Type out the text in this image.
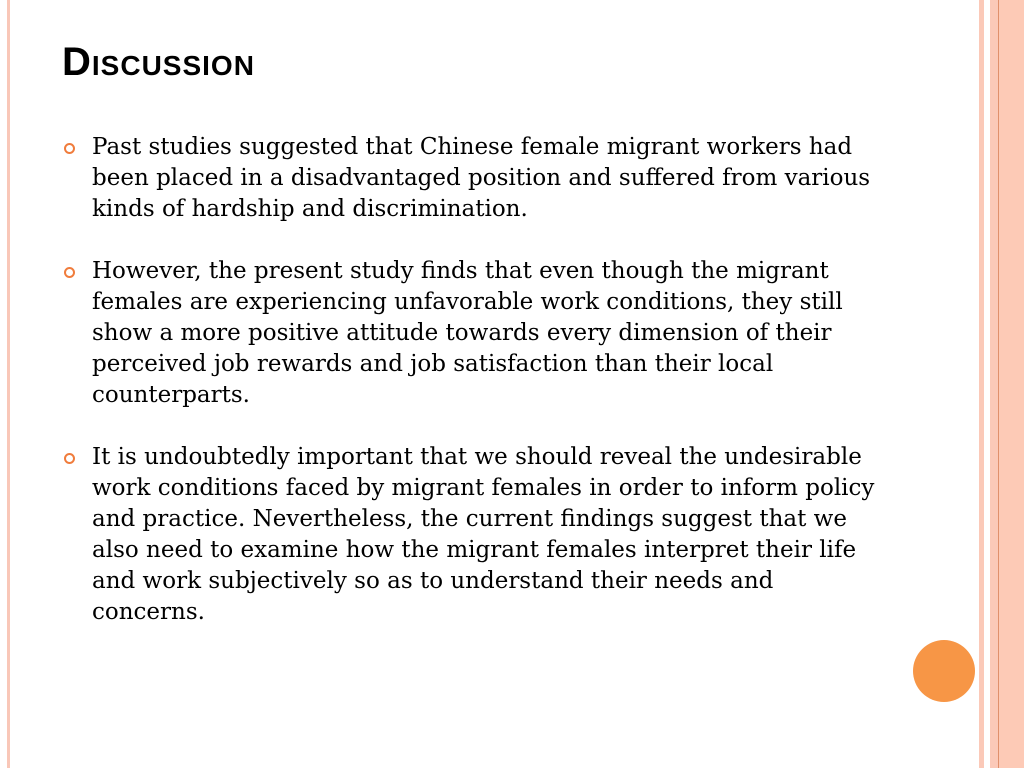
Discussion
Past studies suggested that Chinese female migrant workers had been placed in a disadvantaged position and suffered from various kinds of hardship and discrimination.
However, the present study finds that even though the migrant females are experiencing unfavorable work conditions, they still show a more positive attitude towards every dimension of their perceived job rewards and job satisfaction than their local counterparts.
It is undoubtedly important that we should reveal the undesirable work conditions faced by migrant females in order to inform policy and practice. Nevertheless, the current findings suggest that we also need to examine how the migrant females interpret their life and work subjectively so as to understand their needs and concerns.
